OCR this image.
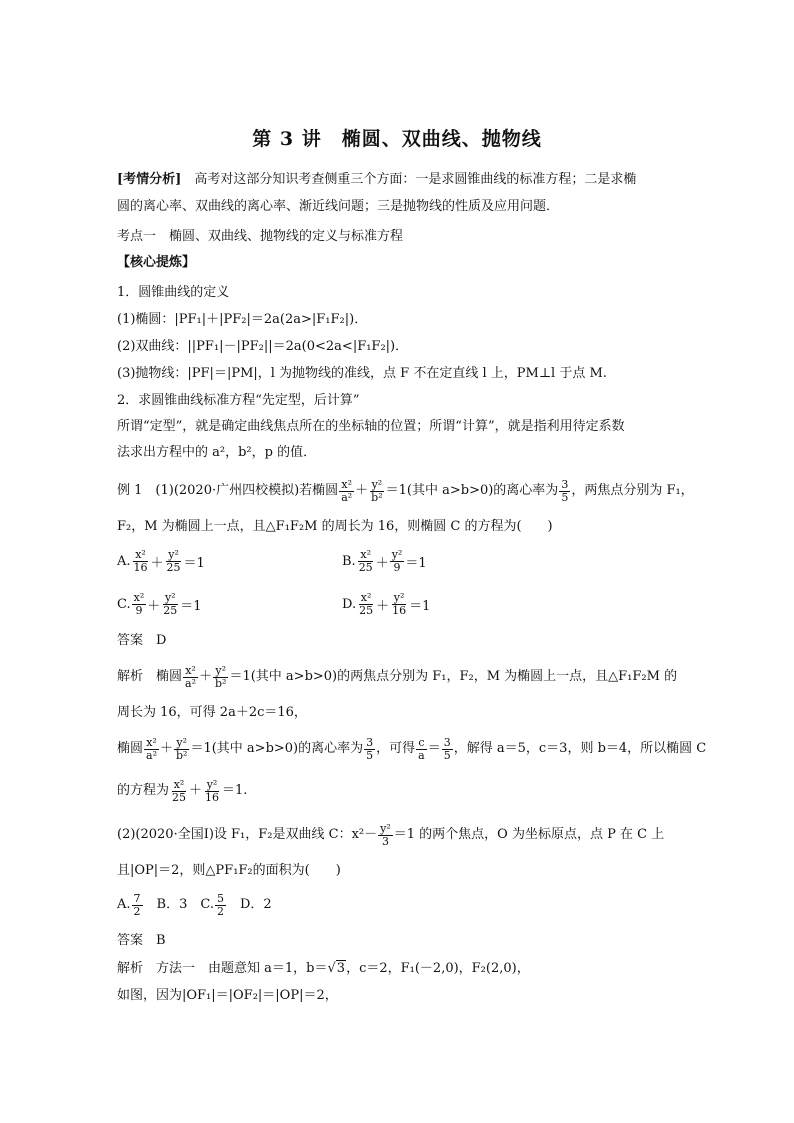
第 3 讲　椭圆、双曲线、抛物线
[考情分析]　高考对这部分知识考查侧重三个方面：一是求圆锥曲线的标准方程；二是求椭
圆的离心率、双曲线的离心率、渐近线问题；三是抛物线的性质及应用问题．
考点一　椭圆、双曲线、抛物线的定义与标准方程
【核心提炼】
1．圆锥曲线的定义
(1)椭圆：|PF₁|＋|PF₂|＝2a(2a>|F₁F₂|)．
(2)双曲线：||PF₁|－|PF₂||＝2a(0<2a<|F₁F₂|)．
(3)抛物线：|PF|＝|PM|，l 为抛物线的准线，点 F 不在定直线 l 上，PM⊥l 于点 M.
2．求圆锥曲线标准方程“先定型，后计算”
所谓“定型”，就是确定曲线焦点所在的坐标轴的位置；所谓“计算”，就是指利用待定系数
法求出方程中的 a²，b²，p 的值．
例 1　(1)(2020·广州四校模拟)若椭圆 $\frac{\text{x²}}{\text{a²}} + \frac{\text{y²}}{\text{b²}} =1$(其中 a>b>0)的离心率为 $\frac{3}{5}$ ，两焦点分别为 F₁，
F₂，M 为椭圆上一点，且△F₁F₂M 的周长为 16，则椭圆 C 的方程为(　　)
A. $\frac{\text{x²}}{16} + \frac{\text{y²}}{25} =1$	B. $\frac{\text{x²}}{25} + \frac{\text{y²}}{9} =1$
C. $\frac{\text{x²}}{9} + \frac{\text{y²}}{25} =1$	D. $\frac{\text{x²}}{25} + \frac{\text{y²}}{16} =1$
答案　D
解析　椭圆 $\frac{\text{x²}}{\text{a²}} + \frac{\text{y²}}{\text{b²}} =1$(其中 a>b>0)的两焦点分别为 F₁，F₂，M 为椭圆上一点，且△F₁F₂M 的
周长为 16，可得 2a＋2c＝16，
椭圆 $\frac{\text{x²}}{\text{a²}} + \frac{\text{y²}}{\text{b²}} =1$(其中 a>b>0)的离心率为 $\frac{3}{5}$ ，可得 $\frac{c}{a} = \frac{3}{5}$ ，解得 a＝5，c＝3，则 b＝4，所以椭圆 C
的方程为 $\frac{\text{x²}}{25} + \frac{\text{y²}}{16} =1$.
(2)(2020·全国Ⅰ)设 F₁，F₂是双曲线 C：$x^2- \frac{\text{y²}}{3} =1$ 的两个焦点，O 为坐标原点，点 P 在 C 上
且|OP|＝2，则△PF₁F₂的面积为(　　)
A. $\frac{7}{2}$ 　B．3　C. $\frac{5}{2}$ 　D．2
答案　B
解析　方法一　由题意知 a＝1，b＝√3，c＝2，F₁(－2,0)，F₂(2,0)，
如图，因为|OF₁|＝|OF₂|＝|OP|＝2，
